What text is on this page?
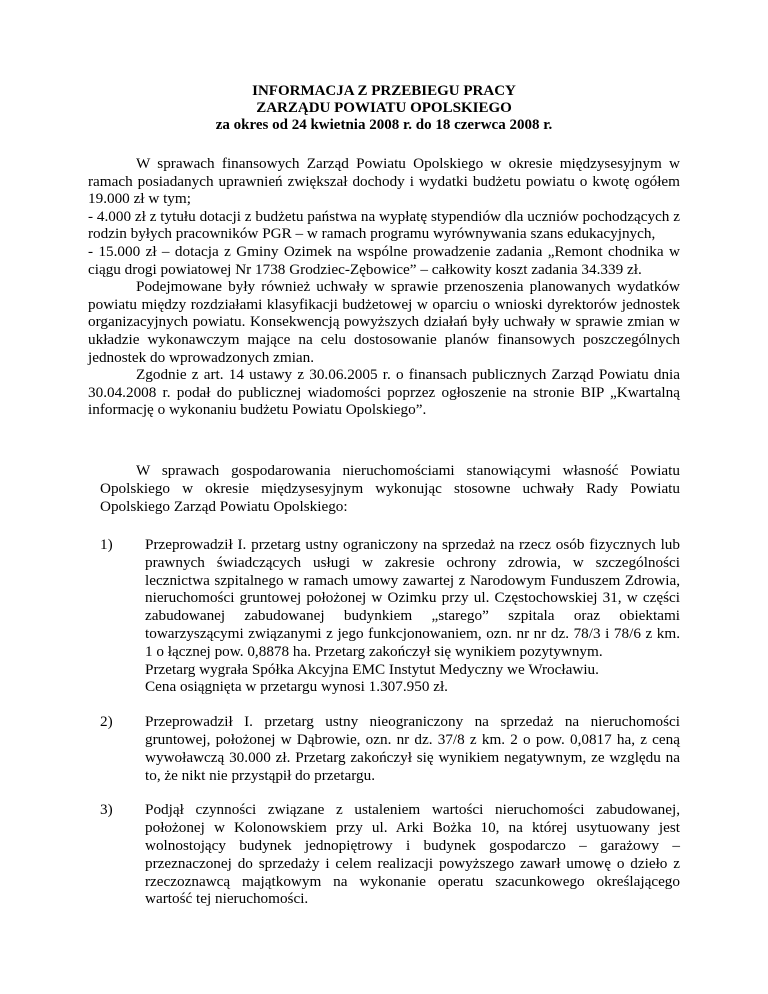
INFORMACJA Z PRZEBIEGU PRACY
ZARZĄDU POWIATU OPOLSKIEGO
za okres od 24 kwietnia 2008 r. do 18 czerwca 2008 r.

W sprawach finansowych Zarząd Powiatu Opolskiego w okresie międzysesyjnym w ramach posiadanych uprawnień zwiększał dochody i wydatki budżetu powiatu o kwotę ogółem 19.000 zł w tym;

- 4.000 zł z tytułu dotacji z budżetu państwa na wypłatę stypendiów dla uczniów pochodzących z rodzin byłych pracowników PGR – w ramach programu wyrównywania szans edukacyjnych,

- 15.000 zł – dotacja z Gminy Ozimek na wspólne prowadzenie zadania „Remont chodnika w ciągu drogi powiatowej Nr 1738 Grodziec-Zębowice” – całkowity koszt zadania 34.339 zł.

Podejmowane były również uchwały w sprawie przenoszenia planowanych wydatków powiatu między rozdziałami klasyfikacji budżetowej w oparciu o wnioski dyrektorów jednostek organizacyjnych powiatu. Konsekwencją powyższych działań były uchwały w sprawie zmian w układzie wykonawczym mające na celu dostosowanie planów finansowych poszczególnych jednostek do wprowadzonych zmian.

Zgodnie z art. 14 ustawy z 30.06.2005 r. o finansach publicznych Zarząd Powiatu dnia 30.04.2008 r. podał do publicznej wiadomości poprzez ogłoszenie na stronie BIP „Kwartalną informację o wykonaniu budżetu Powiatu Opolskiego”.

W sprawach gospodarowania nieruchomościami stanowiącymi własność Powiatu Opolskiego w okresie międzysesyjnym wykonując stosowne uchwały Rady Powiatu Opolskiego Zarząd Powiatu Opolskiego:

1) Przeprowadził I. przetarg ustny ograniczony na sprzedaż na rzecz osób fizycznych lub prawnych świadczących usługi w zakresie ochrony zdrowia, w szczególności lecznictwa szpitalnego w ramach umowy zawartej z Narodowym Funduszem Zdrowia, nieruchomości gruntowej położonej w Ozimku przy ul. Częstochowskiej 31, w części zabudowanej zabudowanej budynkiem „starego” szpitala oraz obiektami towarzyszącymi związanymi z jego funkcjonowaniem, ozn. nr nr dz. 78/3 i 78/6 z km. 1 o łącznej pow. 0,8878 ha. Przetarg zakończył się wynikiem pozytywnym.
Przetarg wygrała Spółka Akcyjna EMC Instytut Medyczny we Wrocławiu.
Cena osiągnięta w przetargu wynosi 1.307.950 zł.
2) Przeprowadził I. przetarg ustny nieograniczony na sprzedaż na nieruchomości gruntowej, położonej w Dąbrowie, ozn. nr dz. 37/8 z km. 2 o pow. 0,0817 ha, z ceną wywoławczą 30.000 zł. Przetarg zakończył się wynikiem negatywnym, ze względu na to, że nikt nie przystąpił do przetargu.
3) Podjął czynności związane z ustaleniem wartości nieruchomości zabudowanej, położonej w Kolonowskiem przy ul. Arki Bożka 10, na której usytuowany jest wolnostojący budynek jednopiętrowy i budynek gospodarczo – garażowy – przeznaczonej do sprzedaży i celem realizacji powyższego zawarł umowę o dzieło z rzeczoznawcą majątkowym na wykonanie operatu szacunkowego określającego wartość tej nieruchomości.
